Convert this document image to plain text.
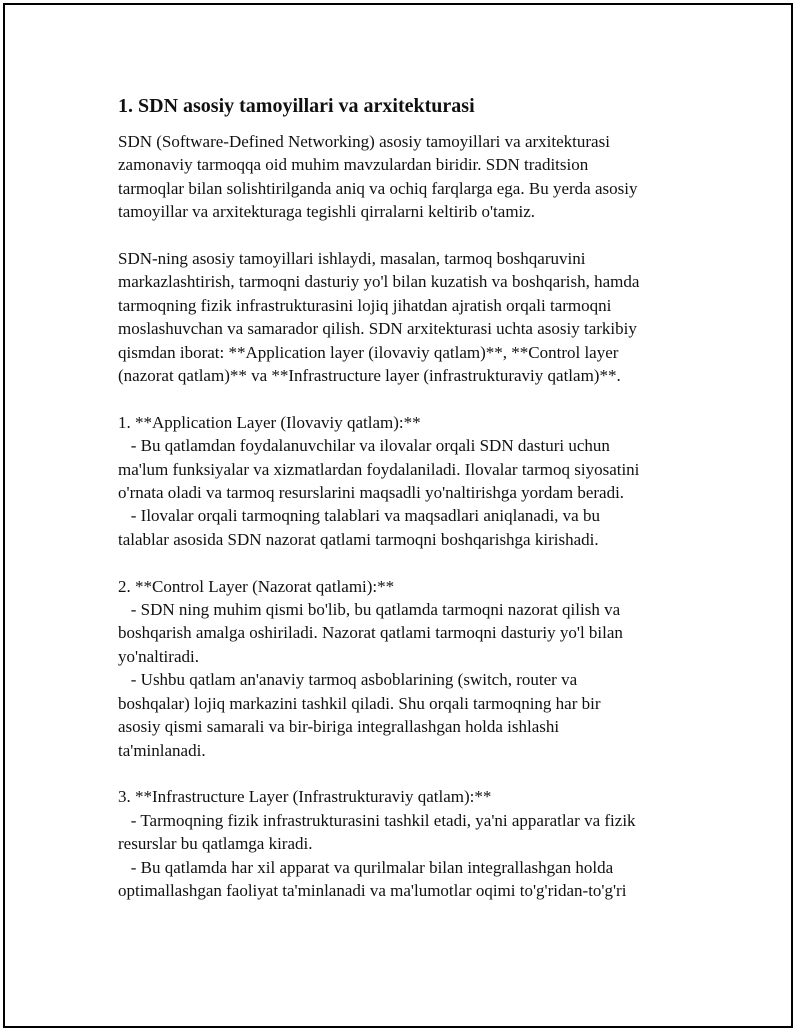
1. SDN asosiy tamoyillari va arxitekturasi

SDN (Software-Defined Networking) asosiy tamoyillari va arxitekturasi
zamonaviy tarmoqqa oid muhim mavzulardan biridir. SDN traditsion
tarmoqlar bilan solishtirilganda aniq va ochiq farqlarga ega. Bu yerda asosiy
tamoyillar va arxitekturaga tegishli qirralarni keltirib o'tamiz.

SDN-ning asosiy tamoyillari ishlaydi, masalan, tarmoq boshqaruvini
markazlashtirish, tarmoqni dasturiy yo'l bilan kuzatish va boshqarish, hamda
tarmoqning fizik infrastrukturasini lojiq jihatdan ajratish orqali tarmoqni
moslashuvchan va samarador qilish. SDN arxitekturasi uchta asosiy tarkibiy
qismdan iborat: **Application layer (ilovaviy qatlam)**, **Control layer
(nazorat qatlam)** va **Infrastructure layer (infrastrukturaviy qatlam)**.

1. **Application Layer (Ilovaviy qatlam):**
- Bu qatlamdan foydalanuvchilar va ilovalar orqali SDN dasturi uchun
ma'lum funksiyalar va xizmatlardan foydalaniladi. Ilovalar tarmoq siyosatini
o'rnata oladi va tarmoq resurslarini maqsadli yo'naltirishga yordam beradi.
- Ilovalar orqali tarmoqning talablari va maqsadlari aniqlanadi, va bu
talablar asosida SDN nazorat qatlami tarmoqni boshqarishga kirishadi.

2. **Control Layer (Nazorat qatlami):**
- SDN ning muhim qismi bo'lib, bu qatlamda tarmoqni nazorat qilish va
boshqarish amalga oshiriladi. Nazorat qatlami tarmoqni dasturiy yo'l bilan
yo'naltiradi.
- Ushbu qatlam an'anaviy tarmoq asboblarining (switch, router va
boshqalar) lojiq markazini tashkil qiladi. Shu orqali tarmoqning har bir
asosiy qismi samarali va bir-biriga integrallashgan holda ishlashi
ta'minlanadi.

3. **Infrastructure Layer (Infrastrukturaviy qatlam):**
- Tarmoqning fizik infrastrukturasini tashkil etadi, ya'ni apparatlar va fizik
resurslar bu qatlamga kiradi.
- Bu qatlamda har xil apparat va qurilmalar bilan integrallashgan holda
optimallashgan faoliyat ta'minlanadi va ma'lumotlar oqimi to'g'ridan-to'g'ri
